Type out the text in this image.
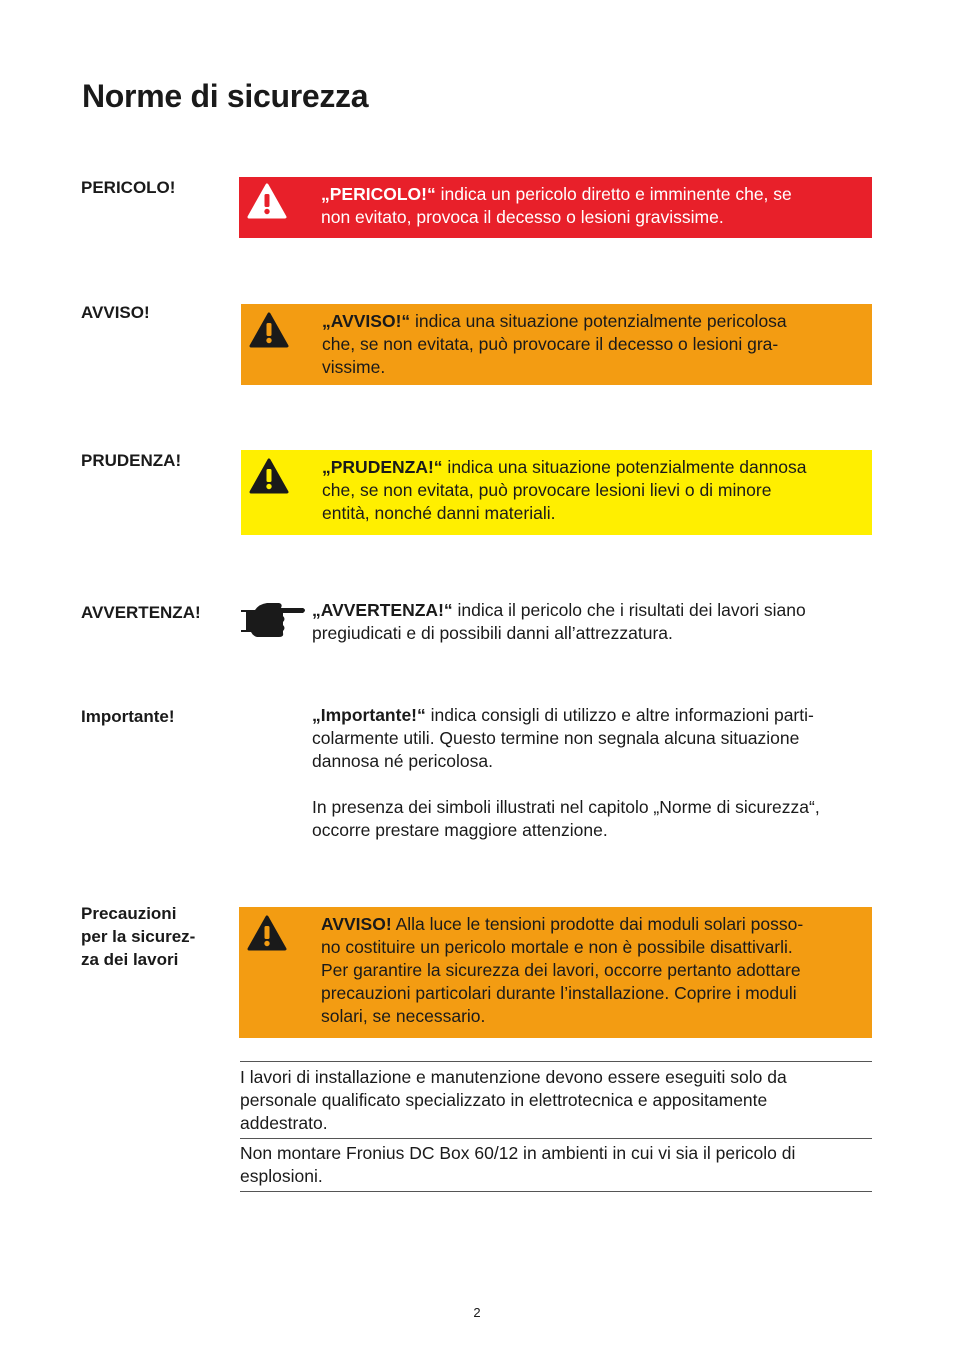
Norme di sicurezza
PERICOLO!	„PERICOLO!“ indica un pericolo diretto e imminente che, se
non evitato, provoca il decesso o lesioni gravissime.
AVVISO!	„AVVISO!“ indica una situazione potenzialmente pericolosa
che, se non evitata, può provocare il decesso o lesioni gra-
vissime.
PRUDENZA!	„PRUDENZA!“ indica una situazione potenzialmente dannosa
che, se non evitata, può provocare lesioni lievi o di minore
entità, nonché danni materiali.
AVVERTENZA!	„AVVERTENZA!“ indica il pericolo che i risultati dei lavori siano
pregiudicati e di possibili danni all’attrezzatura.
Importante!	„Importante!“ indica consigli di utilizzo e altre informazioni parti-
colarmente utili. Questo termine non segnala alcuna situazione
dannosa né pericolosa.
In presenza dei simboli illustrati nel capitolo „Norme di sicurezza“,
occorre prestare maggiore attenzione.
Precauzioni
per la sicurez-
za dei lavori
AVVISO! Alla luce le tensioni prodotte dai moduli solari posso-
no costituire un pericolo mortale e non è possibile disattivarli.
Per garantire la sicurezza dei lavori, occorre pertanto adottare
precauzioni particolari durante l’installazione. Coprire i moduli
solari, se necessario.
I lavori di installazione e manutenzione devono essere eseguiti solo da
personale qualificato specializzato in elettrotecnica e appositamente
addestrato.
Non montare Fronius DC Box 60/12 in ambienti in cui vi sia il pericolo di
esplosioni.
2
